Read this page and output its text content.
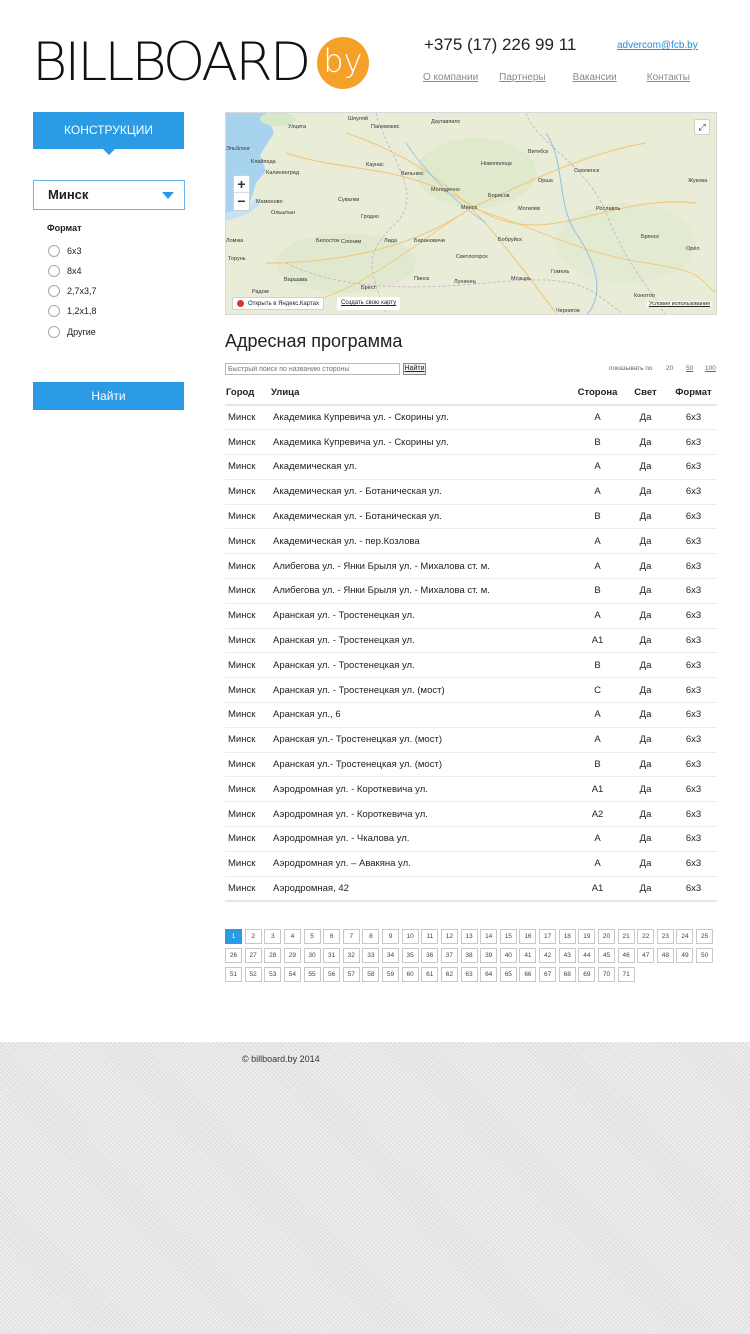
BILLBOARD by	+375 (17) 226 99 11	advercom@fcb.by
О компании Партнеры	Вакансии	Контакты
КОНСТРУКЦИИ
Минск
Формат
6x3
8x4
2,7x3,7
1,2x1,8
Другие
Найти
Шяуляй
Паневежис
Даугавпилс
Улцита
Клайпеда	Каунас
Вильнюс
Витебск
Новополоцк
Калининград	Смоленск
Мамоново	Сувалки
Молодечно
Орша
Ольштын
Гродно
Минск
Борисов
Могилёв	Рославль
Эльблонг
Жукова
Лида	Барановичи	Бобруйск	Брянск
Ломжа	Белосток Слоним
Светлогорск
Орёл
Торунь
Варшава
Брест
Пинск
Гомель
Чернигов
Мозырь
Конотоп
Радом
Лунинец
+
−
⤢
Открыть в Яндекс.Картах	Создать свою карту	Условия использования
Адресная программа
Быстрый поиск по названию стороны
Найти	показывать по 20 50 100
Город	Улица	Сторона	Свет	Формат
Минск	Академика Купревича ул. - Скорины ул.	А	Да	6x3
Минск	Академика Купревича ул. - Скорины ул.	В	Да	6x3
Минск	Академическая ул.	А	Да	6x3
Минск	Академическая ул. - Ботаническая ул.	А	Да	6x3
Минск	Академическая ул. - Ботаническая ул.	В	Да	6x3
Минск	Академическая ул. - пер.Козлова	А	Да	6x3
Минск	Алибегова ул. - Янки Брыля ул. - Михалова ст. м.	А	Да	6x3
Минск	Алибегова ул. - Янки Брыля ул. - Михалова ст. м.	В	Да	6x3
Минск	Аранская ул. - Тростенецкая ул.	А	Да	6x3
Минск	Аранская ул. - Тростенецкая ул.	А1	Да	6x3
Минск	Аранская ул. - Тростенецкая ул.	В	Да	6x3
Минск	Аранская ул. - Тростенецкая ул. (мост)	С	Да	6x3
Минск	Аранская ул., 6	А	Да	6x3
Минск	Аранская ул.- Тростенецкая ул. (мост)	А	Да	6x3
Минск	Аранская ул.- Тростенецкая ул. (мост)	В	Да	6x3
Минск	Аэродромная ул. - Короткевича ул.	А1	Да	6x3
Минск	Аэродромная ул. - Короткевича ул.	А2	Да	6x3
Минск	Аэродромная ул. - Чкалова ул.	А	Да	6x3
Минск	Аэродромная ул. – Авакяна ул.	А	Да	6x3
Минск	Аэродромная, 42	А1	Да	6x3
1	2	3	4	5	6	7	8	9	10	11	12	13	14	15	16	17	18	19	20	21	22	23	24	25
26	27	28	29	30	31	32	33	34	35	36	37	38	39	40	41	42	43	44	45	46	47	48	49	50
51	52	53	54	55	56	57	58	59	60	61	62	63	64	65	66	67	68	69	70	71
© billboard.by 2014
